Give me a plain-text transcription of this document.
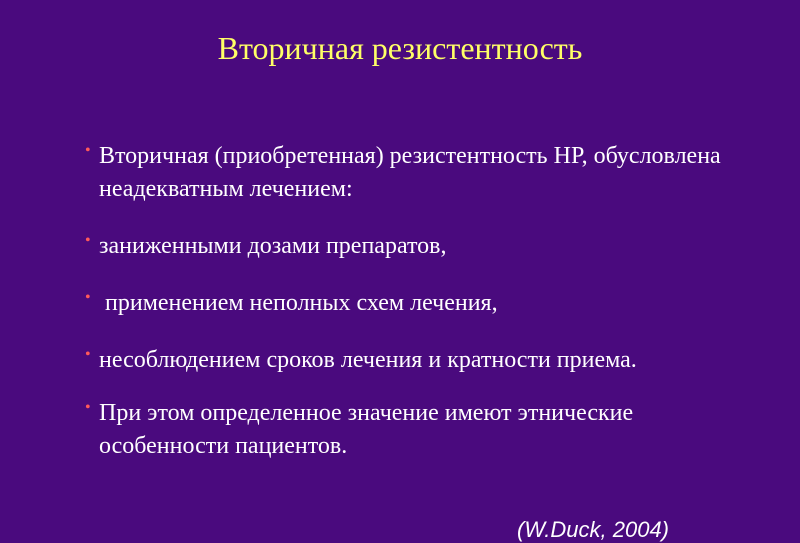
Вторичная резистентность
• Вторичная (приобретенная) резистентность HP, обусловлена неадекватным лечением:
• заниженными дозами препаратов,
• применением неполных схем лечения,
• несоблюдением сроков лечения и кратности приема.
• При этом определенное значение имеют этнические особенности пациентов.
(W.Duck, 2004)
